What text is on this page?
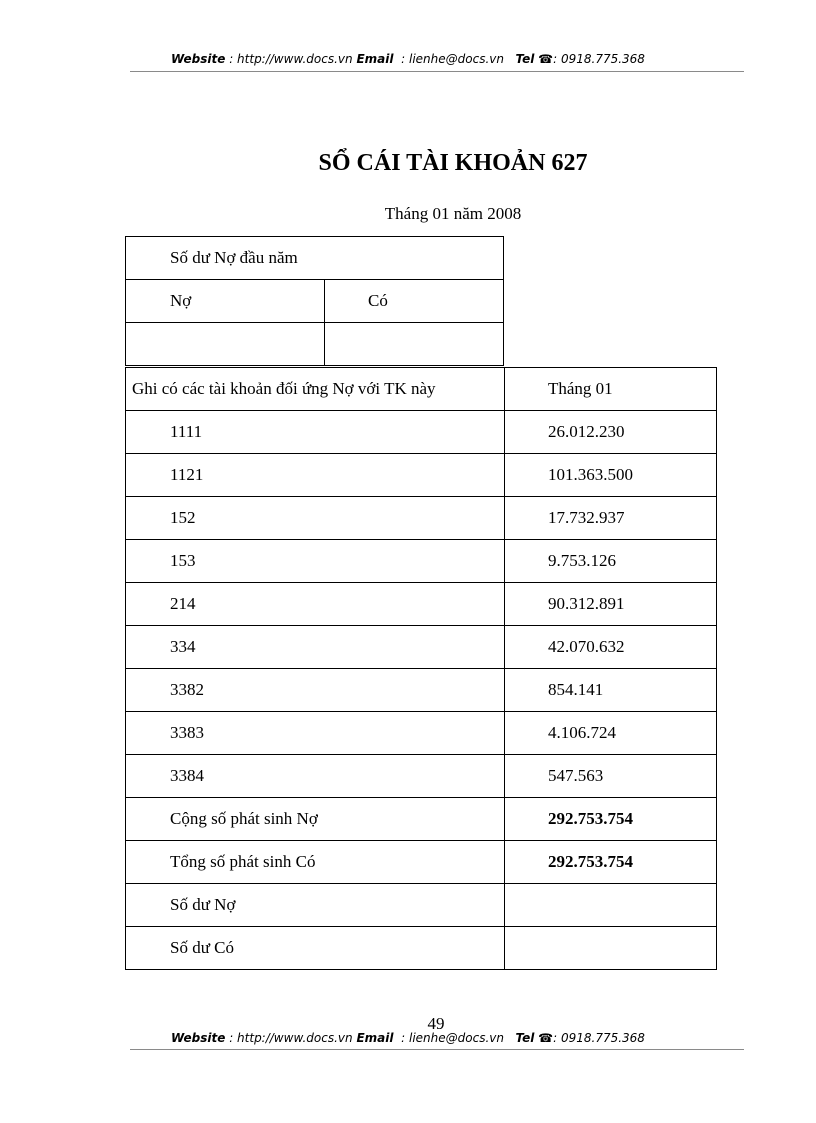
Website : http://www.docs.vn Email  : lienhe@docs.vn Tel ☎: 0918.775.368
SỔ CÁI TÀI KHOẢN 627
Tháng 01 năm 2008
Số dư Nợ đầu năm	
Nợ	Có

Ghi có các tài khoản đối ứng Nợ với TK này	Tháng 01
1111	26.012.230
1121	101.363.500
152	17.732.937
153	9.753.126
214	90.312.891
334	42.070.632
3382	854.141
3383	4.106.724
3384	547.563
Cộng số phát sinh Nợ	292.753.754
Tổng số phát sinh Có	292.753.754
Số dư Nợ	
Số dư Có	
49
Website : http://www.docs.vn Email  : lienhe@docs.vn Tel ☎: 0918.775.368
